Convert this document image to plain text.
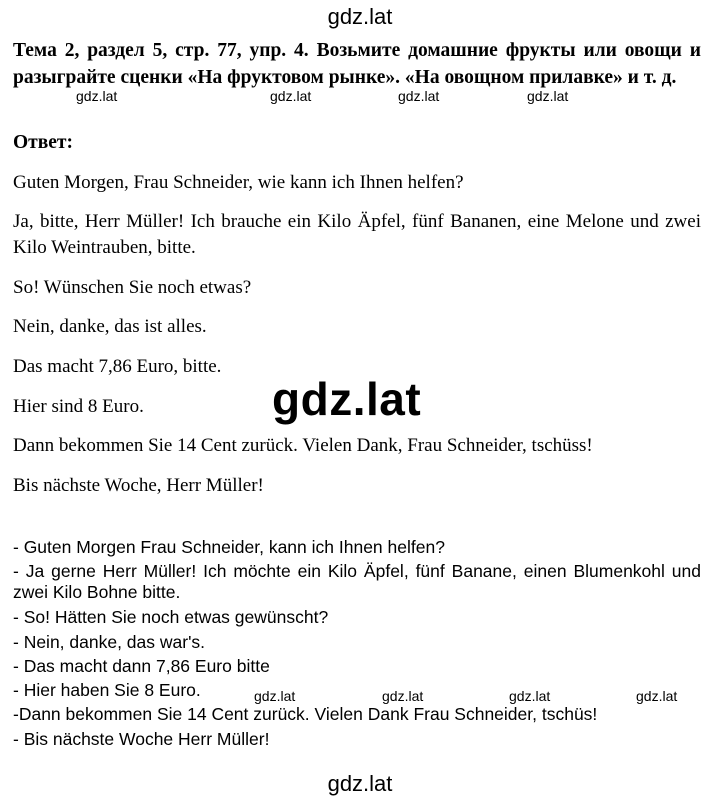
gdz.lat
gdz.lat	gdz.lat	gdz.lat	gdz.lat
Тема 2, раздел 5, стр. 77, упр. 4. Возьмите домашние фрукты или овощи и разыграйте сценки «На фруктовом рынке». «На овощном прилавке» и т. д.
Ответ:

Guten Morgen, Frau Schneider, wie kann ich Ihnen helfen?

Ja, bitte, Herr Müller! Ich brauche ein Kilo Äpfel, fünf Bananen, eine Melone und zwei Kilo Weintrauben, bitte.

So! Wünschen Sie noch etwas?

Nein, danke, das ist alles.

Das macht 7,86 Euro, bitte.

Hier sind 8 Euro.

Dann bekommen Sie 14 Cent zurück. Vielen Dank, Frau Schneider, tschüss!

Bis nächste Woche, Herr Müller!

gdz.lat

- Guten Morgen Frau Schneider, kann ich Ihnen helfen?

- Ja gerne Herr Müller! Ich möchte ein Kilo Äpfel, fünf Banane, einen Blumenkohl und zwei Kilo Bohne bitte.

- So! Hätten Sie noch etwas gewünscht?

- Nein, danke, das war's.

- Das macht dann 7,86 Euro bitte

- Hier haben Sie 8 Euro.

-Dann bekommen Sie 14 Cent zurück. Vielen Dank Frau Schneider, tschüs!

- Bis nächste Woche Herr Müller!

gdz.lat	gdz.lat	gdz.lat	gdz.lat
gdz.lat
